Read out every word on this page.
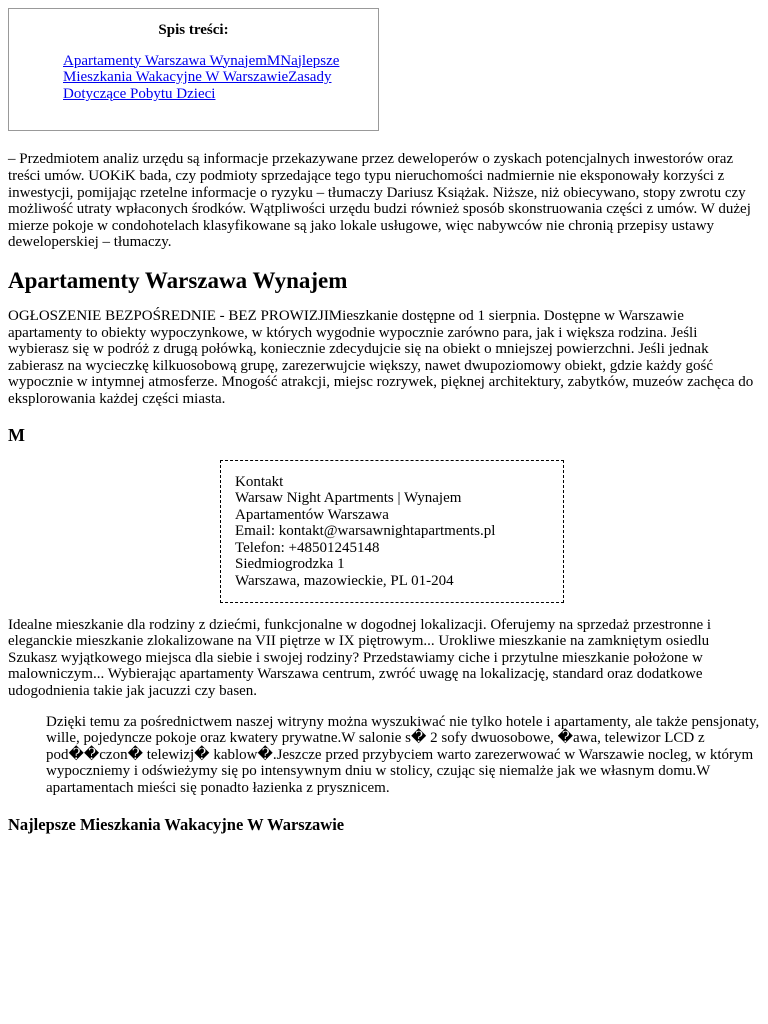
Spis treści:
Apartamenty Warszawa WynajemMNajlepsze Mieszkania Wakacyjne W WarszawieZasady Dotyczące Pobytu Dzieci

– Przedmiotem analiz urzędu są informacje przekazywane przez deweloperów o zyskach potencjalnych inwestorów oraz treści umów. UOKiK bada, czy podmioty sprzedające tego typu nieruchomości nadmiernie nie eksponowały korzyści z inwestycji, pomijając rzetelne informacje o ryzyku – tłumaczy Dariusz Książak. Niższe, niż obiecywano, stopy zwrotu czy możliwość utraty wpłaconych środków. Wątpliwości urzędu budzi również sposób skonstruowania części z umów. W dużej mierze pokoje w condohotelach klasyfikowane są jako lokale usługowe, więc nabywców nie chronią przepisy ustawy deweloperskiej – tłumaczy.

Apartamenty Warszawa Wynajem

OGŁOSZENIE BEZPOŚREDNIE - BEZ PROWIZJIMieszkanie dostępne od 1 sierpnia. Dostępne w Warszawie apartamenty to obiekty wypoczynkowe, w których wygodnie wypocznie zarówno para, jak i większa rodzina. Jeśli wybierasz się w podróż z drugą połówką, koniecznie zdecydujcie się na obiekt o mniejszej powierzchni. Jeśli jednak zabierasz na wycieczkę kilkuosobową grupę, zarezerwujcie większy, nawet dwupoziomowy obiekt, gdzie każdy gość wypocznie w intymnej atmosferze. Mnogość atrakcji, miejsc rozrywek, pięknej architektury, zabytków, muzeów zachęca do eksplorowania każdej części miasta.

M
Kontakt
Warsaw Night Apartments | Wynajem Apartamentów Warszawa
Email: kontakt@warsawnightapartments.pl
Telefon: +48501245148
Siedmiogrodzka 1
Warszawa, mazowieckie, PL 01-204

Idealne mieszkanie dla rodziny z dziećmi, funkcjonalne w dogodnej lokalizacji. Oferujemy na sprzedaż przestronne i eleganckie mieszkanie zlokalizowane na VII piętrze w IX piętrowym... Urokliwe mieszkanie na zamkniętym osiedlu Szukasz wyjątkowego miejsca dla siebie i swojej rodziny? Przedstawiamy ciche i przytulne mieszkanie położone w malowniczym... Wybierając apartamenty Warszawa centrum, zwróć uwagę na lokalizację, standard oraz dodatkowe udogodnienia takie jak jacuzzi czy basen.

Dzięki temu za pośrednictwem naszej witryny można wyszukiwać nie tylko hotele i apartamenty, ale także pensjonaty, wille, pojedyncze pokoje oraz kwatery prywatne.W salonie s� 2 sofy dwuosobowe, �awa, telewizor LCD z pod��czon� telewizj� kablow�.Jeszcze przed przybyciem warto zarezerwować w Warszawie nocleg, w którym wypoczniemy i odświeżymy się po intensywnym dniu w stolicy, czując się niemalże jak we własnym domu.W apartamentach mieści się ponadto łazienka z prysznicem.
Najlepsze Mieszkania Wakacyjne W Warszawie
